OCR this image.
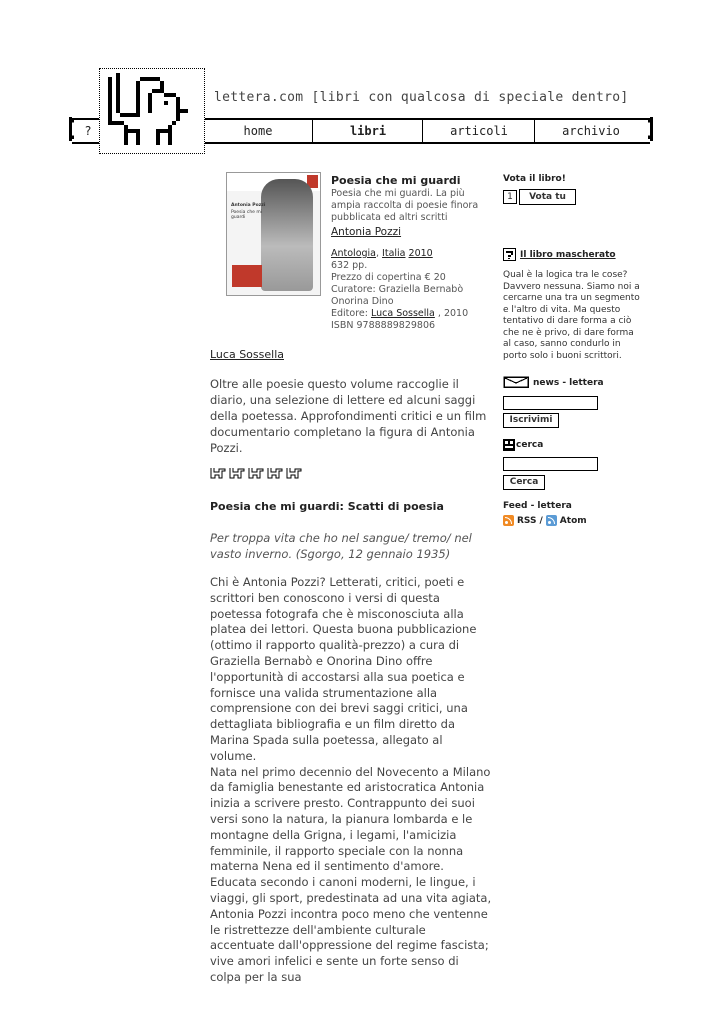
lettera.com [libri con qualcosa di speciale dentro]
?	home	libri	articoli	archivio
Antonia Pozzi
Poesia che mi guardi
Poesia che mi guardi
Poesia che mi guardi. La più ampia raccolta di poesie finora pubblicata ed altri scritti
Antonia Pozzi
Antologia, Italia 2010
632 pp.
Prezzo di copertina € 20
Curatore: Graziella Bernabò Onorina Dino
Editore: Luca Sossella , 2010
ISBN 9788889829806
Luca Sossella
Oltre alle poesie questo volume raccoglie il diario, una selezione di lettere ed alcuni saggi della poetessa. Approfondimenti critici e un film documentario completano la figura di Antonia Pozzi.
Poesia che mi guardi: Scatti di poesia
Per troppa vita che ho nel sangue/ tremo/ nel vasto inverno. (Sgorgo, 12 gennaio 1935)

Chi è Antonia Pozzi? Letterati, critici, poeti e scrittori ben conoscono i versi di questa poetessa fotografa che è misconosciuta alla platea dei lettori. Questa buona pubblicazione (ottimo il rapporto qualità-prezzo) a cura di Graziella Bernabò e Onorina Dino offre l'opportunità di accostarsi alla sua poetica e fornisce una valida strumentazione alla comprensione con dei brevi saggi critici, una dettagliata bibliografia e un film diretto da Marina Spada sulla poetessa, allegato al volume.

Nata nel primo decennio del Novecento a Milano da famiglia benestante ed aristocratica Antonia inizia a scrivere presto. Contrappunto dei suoi versi sono la natura, la pianura lombarda e le montagne della Grigna, i legami, l'amicizia femminile, il rapporto speciale con la nonna materna Nena ed il sentimento d'amore.

Educata secondo i canoni moderni, le lingue, i viaggi, gli sport, predestinata ad una vita agiata, Antonia Pozzi incontra poco meno che ventenne le ristrettezze dell'ambiente culturale accentuate dall'oppressione del regime fascista; vive amori infelici e sente un forte senso di colpa per la sua

Vota il libro!
1	Vota tu
Il libro mascherato
Qual è la logica tra le cose? Davvero nessuna. Siamo noi a cercarne una tra un segmento e l'altro di vita. Ma questo tentativo di dare forma a ciò che ne è privo, di dare forma al caso, sanno condurlo in porto solo i buoni scrittori.
news - lettera
Iscrivimi
cerca
Cerca
Feed - lettera
RSS / Atom
